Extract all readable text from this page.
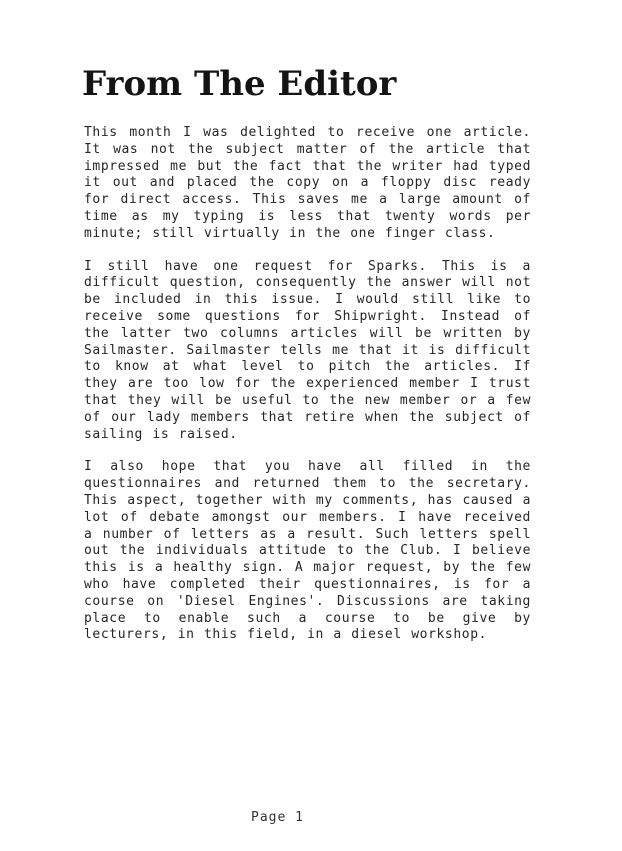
From The Editor

This month I was delighted to receive one article. It was not the subject matter of the article that impressed me but the fact that the writer had typed it out and placed the copy on a floppy disc ready for direct access. This saves me a large amount of time as my typing is less that twenty words per minute; still virtually in the one finger class.

I still have one request for Sparks. This is a difficult question, consequently the answer will not be included in this issue. I would still like to receive some questions for Shipwright. Instead of the latter two columns articles will be written by Sailmaster. Sailmaster tells me that it is difficult to know at what level to pitch the articles. If they are too low for the experienced member I trust that they will be useful to the new member or a few of our lady members that retire when the subject of sailing is raised.

I also hope that you have all filled in the questionnaires and returned them to the secretary. This aspect, together with my comments, has caused a lot of debate amongst our members. I have received a number of letters as a result. Such letters spell out the individuals attitude to the Club. I believe this is a healthy sign. A major request, by the few who have completed their questionnaires, is for a course on 'Diesel Engines'. Discussions are taking place to enable such a course to be give by lecturers, in this field, in a diesel workshop.

Page 1
